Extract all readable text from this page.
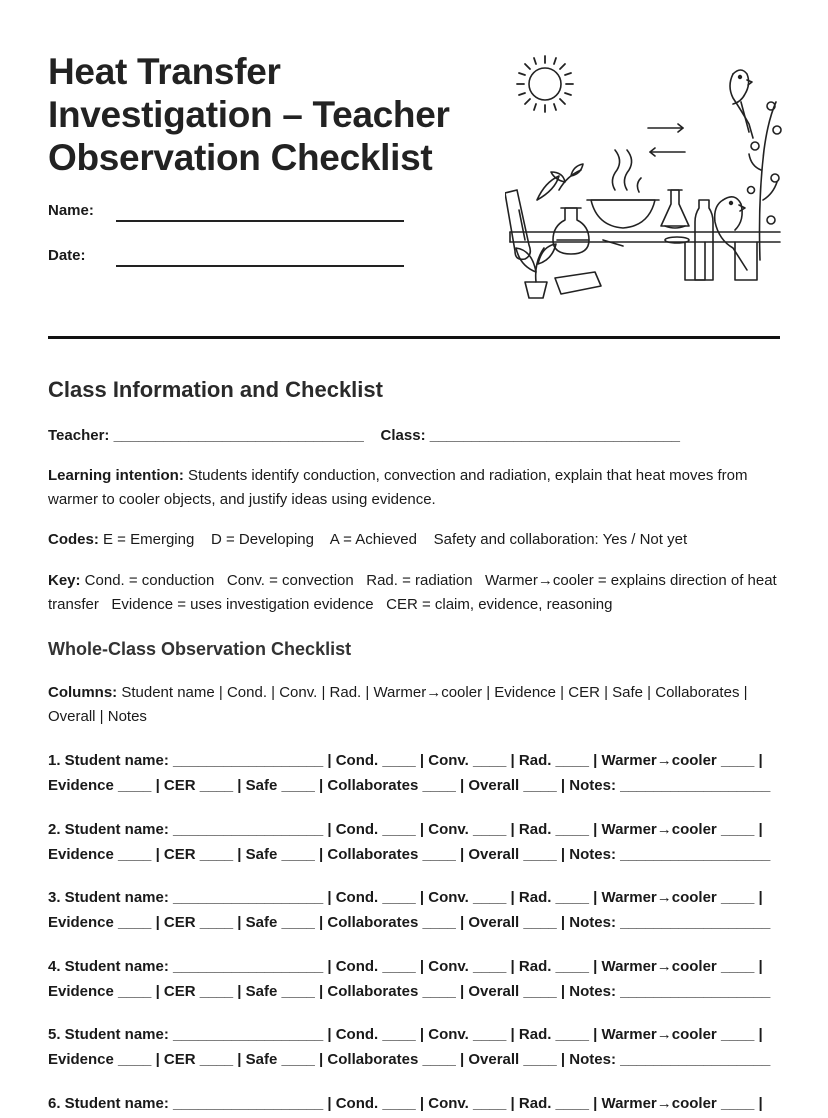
Heat Transfer
Investigation – Teacher
Observation Checklist
Name:
Date:
Class Information and Checklist
Teacher: ______________________________ Class: ______________________________
Learning intention: Students identify conduction, convection and radiation, explain that heat moves from warmer to cooler objects, and justify ideas using evidence.
Codes: E = Emerging    D = Developing    A = Achieved    Safety and collaboration: Yes / Not yet
Key: Cond. = conduction   Conv. = convection   Rad. = radiation   Warmer→cooler = explains direction of heat transfer   Evidence = uses investigation evidence   CER = claim, evidence, reasoning
Whole-Class Observation Checklist
Columns: Student name | Cond. | Conv. | Rad. | Warmer→cooler | Evidence | CER | Safe | Collaborates | Overall | Notes
1. Student name: __________________ | Cond. ____ | Conv. ____ | Rad. ____ | Warmer→cooler ____ | Evidence ____ | CER ____ | Safe ____ | Collaborates ____ | Overall ____ | Notes: __________________
2. Student name: __________________ | Cond. ____ | Conv. ____ | Rad. ____ | Warmer→cooler ____ | Evidence ____ | CER ____ | Safe ____ | Collaborates ____ | Overall ____ | Notes: __________________
3. Student name: __________________ | Cond. ____ | Conv. ____ | Rad. ____ | Warmer→cooler ____ | Evidence ____ | CER ____ | Safe ____ | Collaborates ____ | Overall ____ | Notes: __________________
4. Student name: __________________ | Cond. ____ | Conv. ____ | Rad. ____ | Warmer→cooler ____ | Evidence ____ | CER ____ | Safe ____ | Collaborates ____ | Overall ____ | Notes: __________________
5. Student name: __________________ | Cond. ____ | Conv. ____ | Rad. ____ | Warmer→cooler ____ | Evidence ____ | CER ____ | Safe ____ | Collaborates ____ | Overall ____ | Notes: __________________
6. Student name: __________________ | Cond. ____ | Conv. ____ | Rad. ____ | Warmer→cooler ____ |
